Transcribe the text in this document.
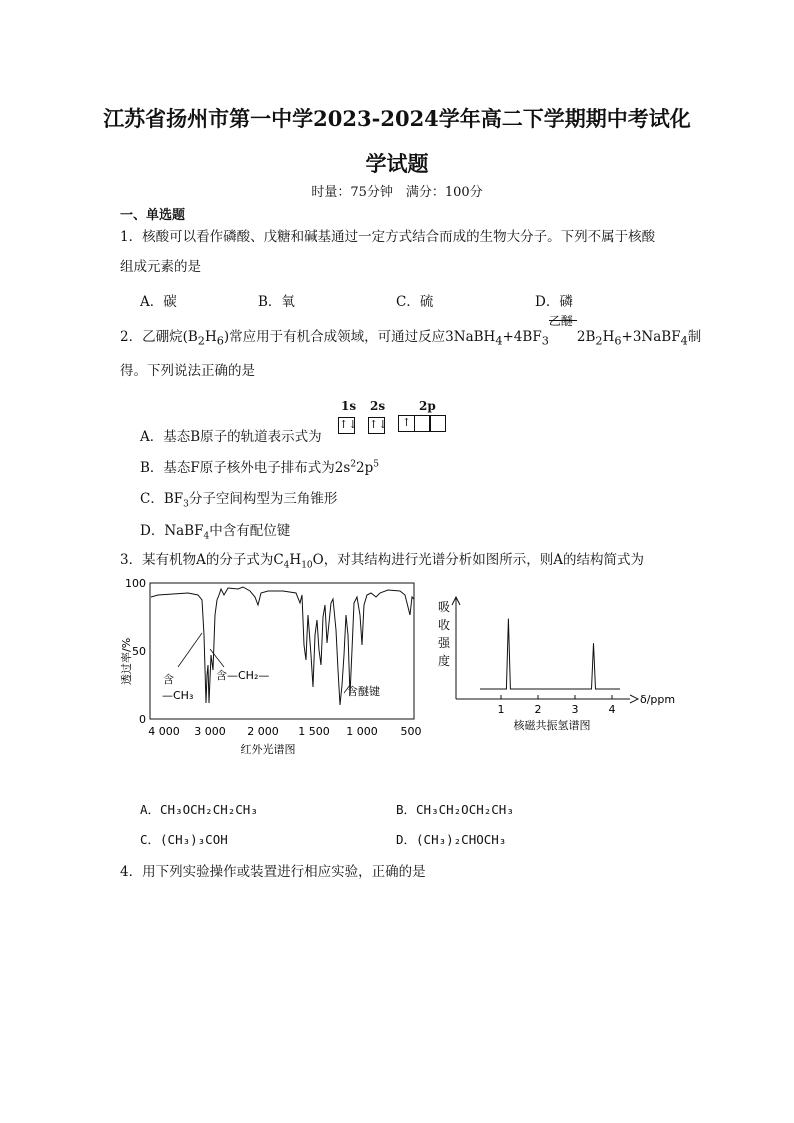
江苏省扬州市第一中学2023-2024学年高二下学期期中考试化
学试题
时量：75分钟　满分：100分
一、单选题
1．核酸可以看作磷酸、戊糖和碱基通过一定方式结合而成的生物大分子。下列不属于核酸
组成元素的是
A．碳	B．氧	C．硫	D．磷
2．乙硼烷$(B_2H_6)$常应用于有机合成领域，可通过反应$3NaBH_4+4BF_3$
乙醚
$2B_2H_6+3NaBF_4$制
得。下列说法正确的是
A．基态B原子的轨道表示式为
1s 2s	2p
↑↓ ↑↓	↑
B．基态F原子核外电子排布式为$2s^22p^5$
C．$BF_3$分子空间构型为三角锥形
D．NaBF$_4$中含有配位键
3．某有机物A的分子式为$C_4H_{10}O$，对其结构进行光谱分析如图所示，则A的结构简式为
100
50
0
透过率/%
4 000 3 000 2 000 1 500 1 000 500
红外光谱图
含
—CH₃
含—CH₂—
含醚键
吸
收
强
度
1	2	3	4
δ/ppm
核磁共振氢谱图
A．CH₃OCH₂CH₂CH₃	B．CH₃CH₂OCH₂CH₃
C．(CH₃)₃COH	D．(CH₃)₂CHOCH₃
4．用下列实验操作或装置进行相应实验，正确的是
